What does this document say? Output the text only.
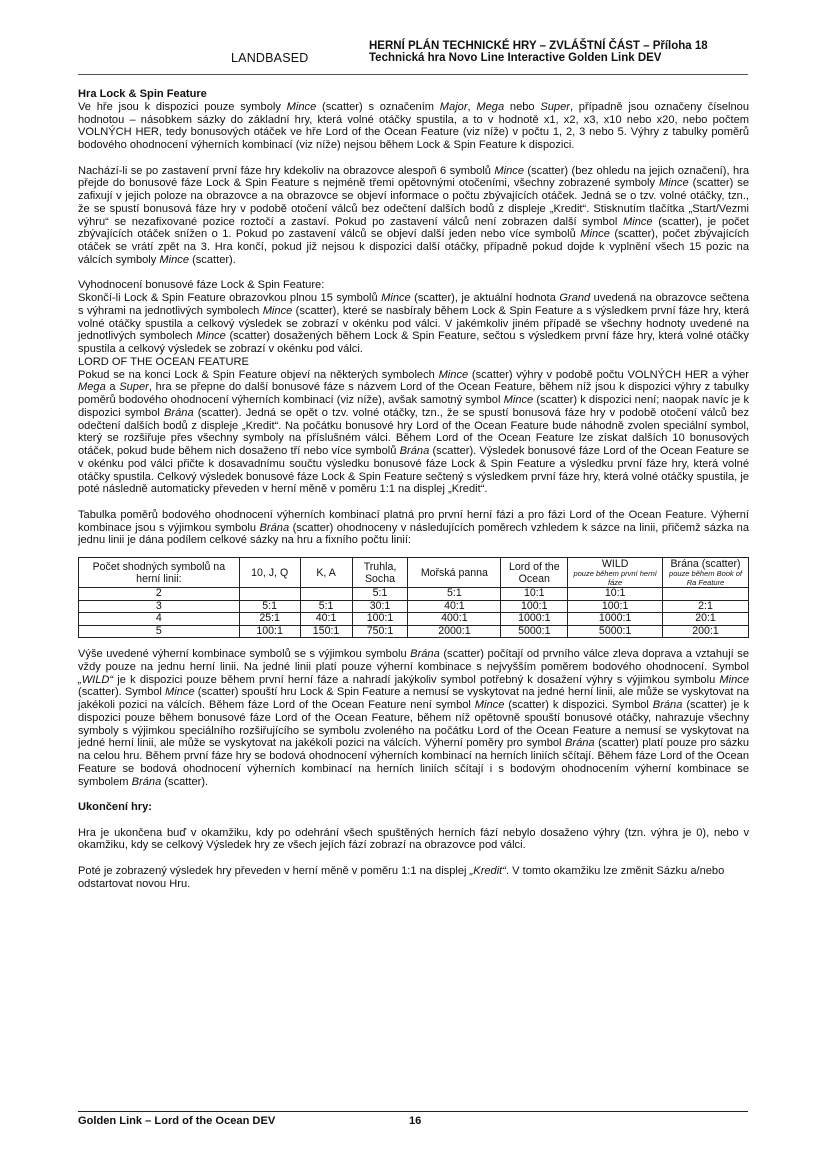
LANDBASED
HERNÍ PLÁN TECHNICKÉ HRY – ZVLÁŠTNÍ ČÁST – Příloha 18
Technická hra Novo Line Interactive Golden Link DEV
Hra Lock & Spin Feature

Ve hře jsou k dispozici pouze symboly Mince (scatter) s označením Major, Mega nebo Super, případně jsou označeny číselnou hodnotou – násobkem sázky do základní hry, která volné otáčky spustila, a to v hodnotě x1, x2, x3, x10 nebo x20, nebo počtem VOLNÝCH HER, tedy bonusových otáček ve hře Lord of the Ocean Feature (viz níže) v počtu 1, 2, 3 nebo 5. Výhry z tabulky poměrů bodového ohodnocení výherních kombinací (viz níže) nejsou během Lock & Spin Feature k dispozici.

Nachází-li se po zastavení první fáze hry kdekoliv na obrazovce alespoň 6 symbolů Mince (scatter) (bez ohledu na jejich označení), hra přejde do bonusové fáze Lock & Spin Feature s nejméně třemi opětovnými otočeními, všechny zobrazené symboly Mince (scatter) se zafixují v jejich poloze na obrazovce a na obrazovce se objeví informace o počtu zbývajících otáček. Jedná se o tzv. volné otáčky, tzn., že se spustí bonusová fáze hry v podobě otočení válců bez odečtení dalších bodů z displeje „Kredit“. Stisknutím tlačítka „Start/Vezmi výhru“ se nezafixované pozice roztočí a zastaví. Pokud po zastavení válců není zobrazen další symbol Mince (scatter), je počet zbývajících otáček snížen o 1. Pokud po zastavení válců se objeví další jeden nebo více symbolů Mince (scatter), počet zbývajících otáček se vrátí zpět na 3. Hra končí, pokud již nejsou k dispozici další otáčky, případně pokud dojde k vyplnění všech 15 pozic na válcích symboly Mince (scatter).

Vyhodnocení bonusové fáze Lock & Spin Feature:

Skončí-li Lock & Spin Feature obrazovkou plnou 15 symbolů Mince (scatter), je aktuální hodnota Grand uvedená na obrazovce sečtena s výhrami na jednotlivých symbolech Mince (scatter), které se nasbíraly během Lock & Spin Feature a s výsledkem první fáze hry, která volné otáčky spustila a celkový výsledek se zobrazí v okénku pod válci. V jakémkoliv jiném případě se všechny hodnoty uvedené na jednotlivých symbolech Mince (scatter) dosažených během Lock & Spin Feature, sečtou s výsledkem první fáze hry, která volné otáčky spustila a celkový výsledek se zobrazí v okénku pod válci.

LORD OF THE OCEAN FEATURE

Pokud se na konci Lock & Spin Feature objeví na některých symbolech Mince (scatter) výhry v podobě počtu VOLNÝCH HER a výher Mega a Super, hra se přepne do další bonusové fáze s názvem Lord of the Ocean Feature, během níž jsou k dispozici výhry z tabulky poměrů bodového ohodnocení výherních kombinací (viz níže), avšak samotný symbol Mince (scatter) k dispozici není; naopak navíc je k dispozici symbol Brána (scatter). Jedná se opět o tzv. volné otáčky, tzn., že se spustí bonusová fáze hry v podobě otočení válců bez odečtení dalších bodů z displeje „Kredit“. Na počátku bonusové hry Lord of the Ocean Feature bude náhodně zvolen speciální symbol, který se rozšiřuje přes všechny symboly na příslušném válci. Během Lord of the Ocean Feature lze získat dalších 10 bonusových otáček, pokud bude během nich dosaženo tří nebo více symbolů Brána (scatter). Výsledek bonusové fáze Lord of the Ocean Feature se v okénku pod válci přičte k dosavadnímu součtu výsledku bonusové fáze Lock & Spin Feature a výsledku první fáze hry, která volné otáčky spustila. Celkový výsledek bonusové fáze Lock & Spin Feature sečtený s výsledkem první fáze hry, která volné otáčky spustila, je poté následně automaticky převeden v herní měně v poměru 1:1 na displej „Kredit“.

Tabulka poměrů bodového ohodnocení výherních kombinací platná pro první herní fázi a pro fázi Lord of the Ocean Feature. Výherní kombinace jsou s výjimkou symbolu Brána (scatter) ohodnoceny v následujících poměrech vzhledem k sázce na linii, přičemž sázka na jednu linii je dána podílem celkové sázky na hru a fixního počtu linií:

Počet shodných symbolů na herní linii:	10, J, Q	K, A	Truhla, Socha	Mořská panna	Lord of the Ocean	WILD
pouze během první herní fáze	Brána (scatter)
pouze během Book of Ra Feature

2			5:1	5:1	10:1	10:1	
3	5:1	5:1	30:1	40:1	100:1	100:1	2:1
4	25:1	40:1	100:1	400:1	1000:1	1000:1	20:1
5	100:1	150:1	750:1	2000:1	5000:1	5000:1	200:1

Výše uvedené výherní kombinace symbolů se s výjimkou symbolu Brána (scatter) počítají od prvního válce zleva doprava a vztahují se vždy pouze na jednu herní linii. Na jedné linii platí pouze výherní kombinace s nejvyšším poměrem bodového ohodnocení. Symbol „WILD“ je k dispozici pouze během první herní fáze a nahradí jakýkoliv symbol potřebný k dosažení výhry s výjimkou symbolu Mince (scatter). Symbol Mince (scatter) spouští hru Lock & Spin Feature a nemusí se vyskytovat na jedné herní linii, ale může se vyskytovat na jakékoli pozici na válcích. Během fáze Lord of the Ocean Feature není symbol Mince (scatter) k dispozici. Symbol Brána (scatter) je k dispozici pouze během bonusové fáze Lord of the Ocean Feature, během níž opětovně spouští bonusové otáčky, nahrazuje všechny symboly s výjimkou speciálního rozšiřujícího se symbolu zvoleného na počátku Lord of the Ocean Feature a nemusí se vyskytovat na jedné herní linii, ale může se vyskytovat na jakékoli pozici na válcích. Výherní poměry pro symbol Brána (scatter) platí pouze pro sázku na celou hru. Během první fáze hry se bodová ohodnocení výherních kombinací na herních liniích sčítají. Během fáze Lord of the Ocean Feature se bodová ohodnocení výherních kombinací na herních liniích sčítají i s bodovým ohodnocením výherní kombinace se symbolem Brána (scatter).

Ukončení hry:

Hra je ukončena buď v okamžiku, kdy po odehrání všech spuštěných herních fází nebylo dosaženo výhry (tzn. výhra je 0), nebo v okamžiku, kdy se celkový Výsledek hry ze všech jejích fází zobrazí na obrazovce pod válci.

Poté je zobrazený výsledek hry převeden v herní měně v poměru 1:1 na displej „Kredit“. V tomto okamžiku lze změnit Sázku a/nebo odstartovat novou Hru.

Golden Link – Lord of the Ocean DEV	16
